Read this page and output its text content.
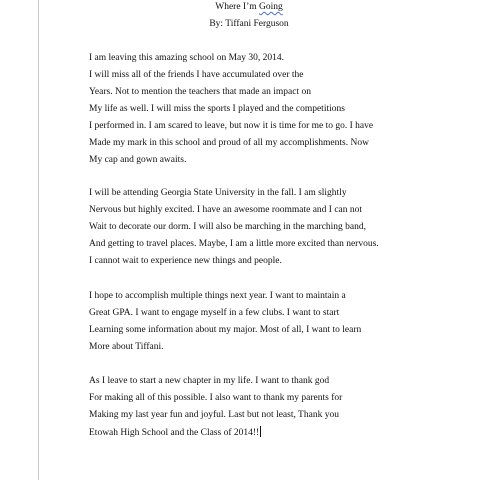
Where I’m Going
By: Tiffani Ferguson
I am leaving this amazing school on May 30, 2014.
I will miss all of the friends I have accumulated over the
Years. Not to mention the teachers that made an impact on
My life as well. I will miss the sports I played and the competitions
I performed in. I am scared to leave, but now it is time for me to go. I have
Made my mark in this school and proud of all my accomplishments. Now
My cap and gown awaits.
I will be attending Georgia State University in the fall. I am slightly
Nervous but highly excited. I have an awesome roommate and I can not
Wait to decorate our dorm. I will also be marching in the marching band,
And getting to travel places. Maybe, I am a little more excited than nervous.
I cannot wait to experience new things and people.
I hope to accomplish multiple things next year. I want to maintain a
Great GPA. I want to engage myself in a few clubs. I want to start
Learning some information about my major. Most of all, I want to learn
More about Tiffani.
As I leave to start a new chapter in my life. I want to thank god
For making all of this possible. I also want to thank my parents for
Making my last year fun and joyful. Last but not least, Thank you
Etowah High School and the Class of 2014!!
